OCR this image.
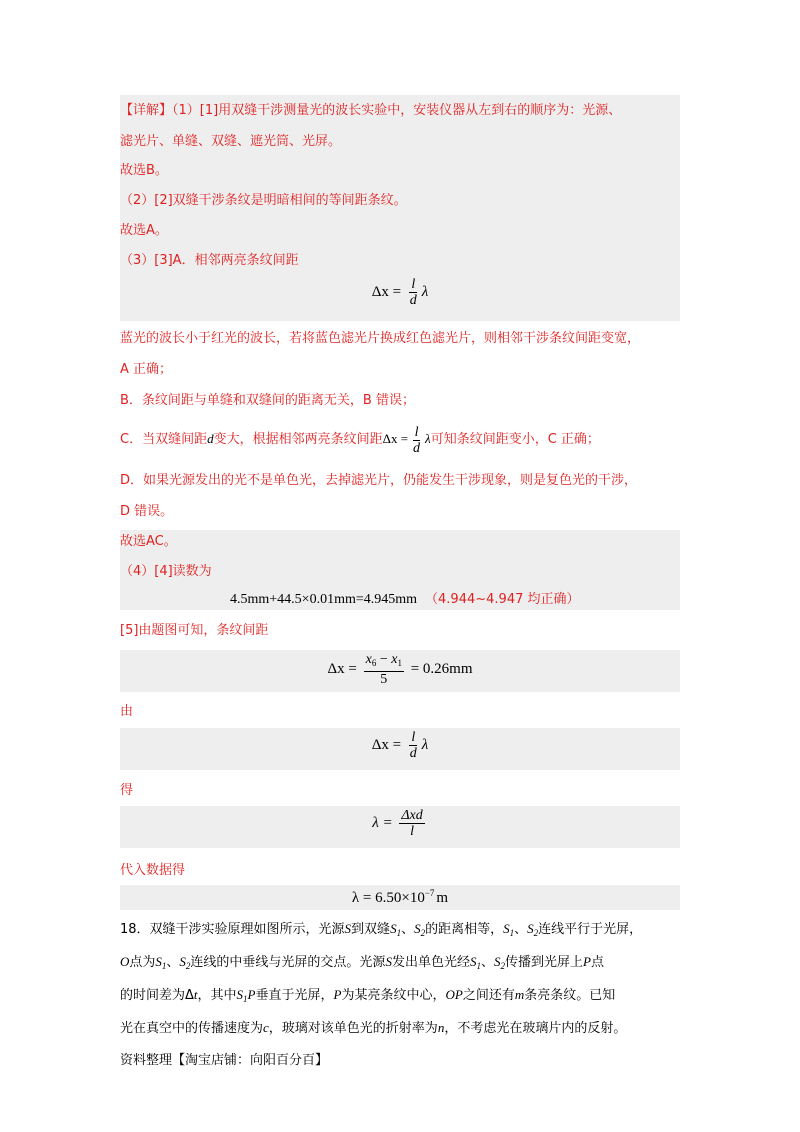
【详解】（1）[1]用双缝干涉测量光的波长实验中，安装仪器从左到右的顺序为：光源、
滤光片、单缝、双缝、遮光筒、光屏。
故选B。
（2）[2]双缝干涉条纹是明暗相间的等间距条纹。
故选A。
（3）[3]A．相邻两亮条纹间距
$\Delta x = \frac{l}{d}$ λ
蓝光的波长小于红光的波长，若将蓝色滤光片换成红色滤光片，则相邻干涉条纹间距变宽，
A 正确；
B．条纹间距与单缝和双缝间的距离无关，B 错误；
C．当双缝间距d变大，根据相邻两亮条纹间距$\Delta x = \frac{l}{d}$ λ可知条纹间距变小，C 正确；
D．如果光源发出的光不是单色光，去掉滤光片，仍能发生干涉现象，则是复色光的干涉，
D 错误。
故选AC。
（4）[4]读数为
4.5mm+44.5×0.01mm=4.945mm （4.944~4.947 均正确）
[5]由题图可知，条纹间距
$\Delta x = \frac{x_6 - x_1}{5} = 0.26mm$
由
$\Delta x = \frac{l}{d}$ λ
得
$\lambda = \frac{\text{Δxd}}{l}$
代入数据得
$\lambda = 6.50\times 10^{-7}$ m
18．双缝干涉实验原理如图所示，光源S到双缝$S_1$、$S_2$的距离相等，$S_1$、$S_2$连线平行于光屏，
O点为$S_1$、$S_2$连线的中垂线与光屏的交点。光源S发出单色光经$S_1$、$S_2$传播到光屏上P点
的时间差为Δt，其中$S_1P$垂直于光屏，P为某亮条纹中心，OP之间还有m条亮条纹。已知
光在真空中的传播速度为c，玻璃对该单色光的折射率为n，不考虑光在玻璃片内的反射。
资料整理【淘宝店铺：向阳百分百】
